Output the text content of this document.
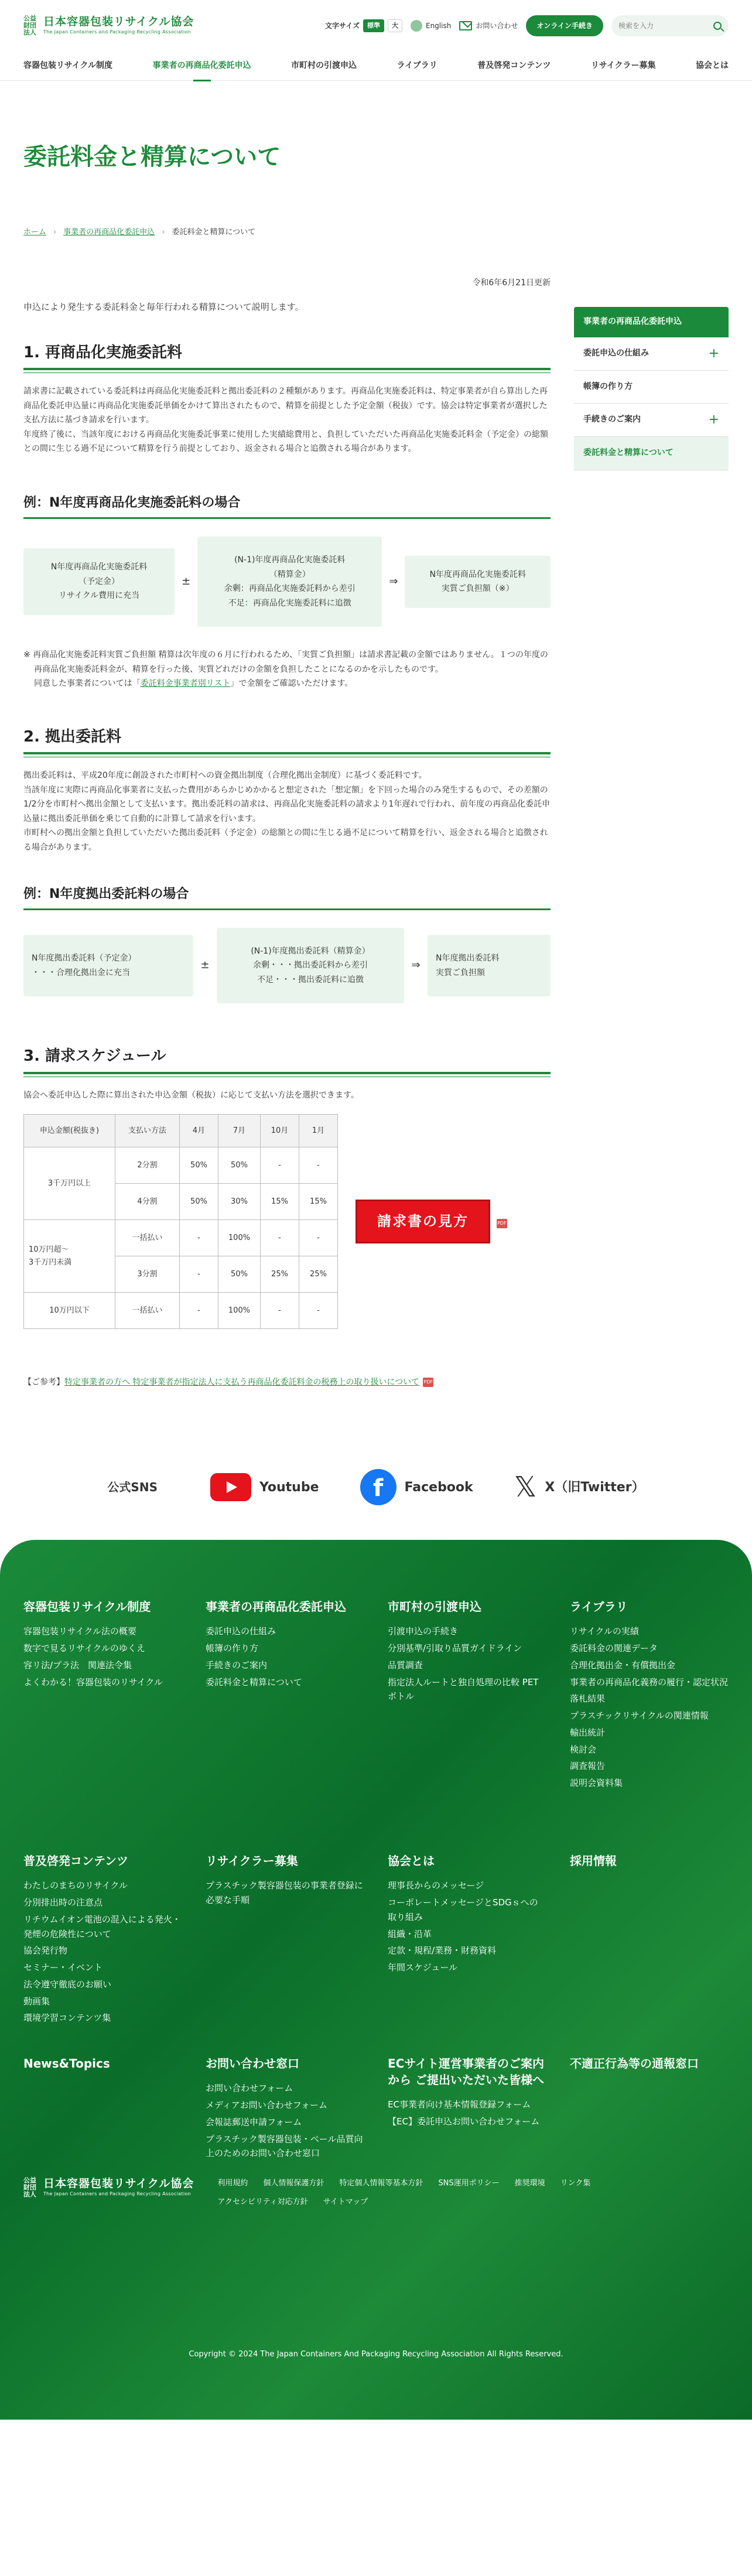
公益財団法人
日本容器包装リサイクル協会
The Japan Containers and Packaging Recycling Association
文字サイズ	標準	大	English	お問い合わせ	オンライン手続き
検索を入力
容器包装リサイクル制度	事業者の再商品化委託申込	市町村の引渡申込	ライブラリ	普及啓発コンテンツ	リサイクラー募集	協会とは
委託料金と精算について
ホーム › 事業者の再商品化委託申込 › 委託料金と精算について
令和6年6月21日更新

申込により発生する委託料金と毎年行われる精算について説明します。

1. 再商品化実施委託料

請求書に記載されている委託料は再商品化実施委託料と拠出委託料の２種類があります。再商品化実施委託料は、特定事業者が自ら算出した再商品化委託申込量に再商品化実施委託単価をかけて算出されたもので、精算を前提とした予定金額（税抜）です。協会は特定事業者が選択した支払方法に基づき請求を行います。
年度終了後に、当該年度における再商品化実施委託事業に使用した実績総費用と、負担していただいた再商品化実施委託料金（予定金）の総額との間に生じる過不足について精算を行う前提としており、返金される場合と追徴される場合があります。

例：N年度再商品化実施委託料の場合
N年度再商品化実施委託料
（予定金）
リサイクル費用に充当
±
(N-1)年度再商品化実施委託料
（精算金）
余剰：再商品化実施委託料から差引
不足：再商品化実施委託料に追徴
⇒
N年度再商品化実施委託料
実質ご負担額（※）

※ 再商品化実施委託料実質ご負担額 精算は次年度の６月に行われるため、「実質ご負担額」は請求書記載の金額ではありません。１つの年度の再商品化実施委託料金が、精算を行った後、実質どれだけの金額を負担したことになるのかを示したものです。

同意した事業者については「委託料金事業者別リスト」で金額をご確認いただけます。

2. 拠出委託料

拠出委託料は、平成20年度に創設された市町村への資金拠出制度（合理化拠出金制度）に基づく委託料です。
当該年度に実際に再商品化事業者に支払った費用があらかじめかかると想定された「想定額」を下回った場合のみ発生するもので、その差額の1/2分を市町村へ拠出金額として支払います。拠出委託料の請求は、再商品化実施委託料の請求より1年遅れで行われ、前年度の再商品化委託申込量に拠出委託単価を乗じて自動的に計算して請求を行います。
市町村への拠出金額と負担していただいた拠出委託料（予定金）の総額との間に生じる過不足について精算を行い、返金される場合と追徴される場合があります。

例：N年度拠出委託料の場合
N年度拠出委託料（予定金）
・・・合理化拠出金に充当
±
(N-1)年度拠出委託料（精算金）
余剰・・・拠出委託料から差引
不足・・・拠出委託料に追徴
⇒
N年度拠出委託料
実質ご負担額
3. 請求スケジュール

協会へ委託申込した際に算出された申込金額（税抜）に応じて支払い方法を選択できます。

申込金額(税抜き)	支払い方法	4月	7月	10月	1月
3千万円以上	2分割	50%	50%	-	-
	4分割	50%	30%	15%	15%
10万円超～
3千万円未満	一括払い	-	100%	-	-
	3分割	-	50%	25%	25%
10万円以下	一括払い	-	100%	-	-
請求書の見方	PDF

【ご参考】特定事業者の方へ 特定事業者が指定法人に支払う再商品化委託料金の税務上の取り扱いについて PDF

事業者の再商品化委託申込
委託申込の仕組み	+
帳簿の作り方
手続きのご案内	+
委託料金と精算について
公式SNS	Youtube	f	Facebook 𝕏 X（旧Twitter）
容器包装リサイクル制度
容器包装リサイクル法の概要
数字で見るリサイクルのゆくえ
容リ法/プラ法　関連法令集
よくわかる！容器包装のリサイクル
事業者の再商品化委託申込
委託申込の仕組み
帳簿の作り方
手続きのご案内
委託料金と精算について
市町村の引渡申込
引渡申込の手続き
分別基準/引取り品質ガイドライン
品質調査
指定法人ルートと独自処理の比較 PETボトル
ライブラリ
リサイクルの実績
委託料金の関連データ
合理化拠出金・有償拠出金
事業者の再商品化義務の履行・認定状況
落札結果
プラスチックリサイクルの関連情報
輸出統計
検討会
調査報告
説明会資料集
普及啓発コンテンツ
わたしのまちのリサイクル
分別排出時の注意点
リチウムイオン電池の混入による発火・発煙の危険性について
協会発行物
セミナー・イベント
法令遵守徹底のお願い
動画集
環境学習コンテンツ集
リサイクラー募集
プラスチック製容器包装の事業者登録に必要な手順
協会とは
理事長からのメッセージ
コーポレートメッセージとSDGｓへの取り組み
組織・沿革
定款・規程/業務・財務資料
年間スケジュール
採用情報
News&Topics	お問い合わせ窓口
お問い合わせフォーム
メディアお問い合わせフォーム
会報誌郵送申請フォーム
プラスチック製容器包装・ベール品質向上のためのお問い合わせ窓口
ECサイト運営事業者のご案内から ご提出いただいた皆様へ
EC事業者向け基本情報登録フォーム
【EC】委託申込お問い合わせフォーム
不適正行為等の通報窓口
公益財団法人
日本容器包装リサイクル協会
The Japan Containers and Packaging Recycling Association
利用規約 個人情報保護方針 特定個人情報等基本方針 SNS運用ポリシー 推奨環境 リンク集
アクセシビリティ対応方針 サイトマップ
Copyright © 2024 The Japan Containers And Packaging Recycling Association All Rights Reserved.
